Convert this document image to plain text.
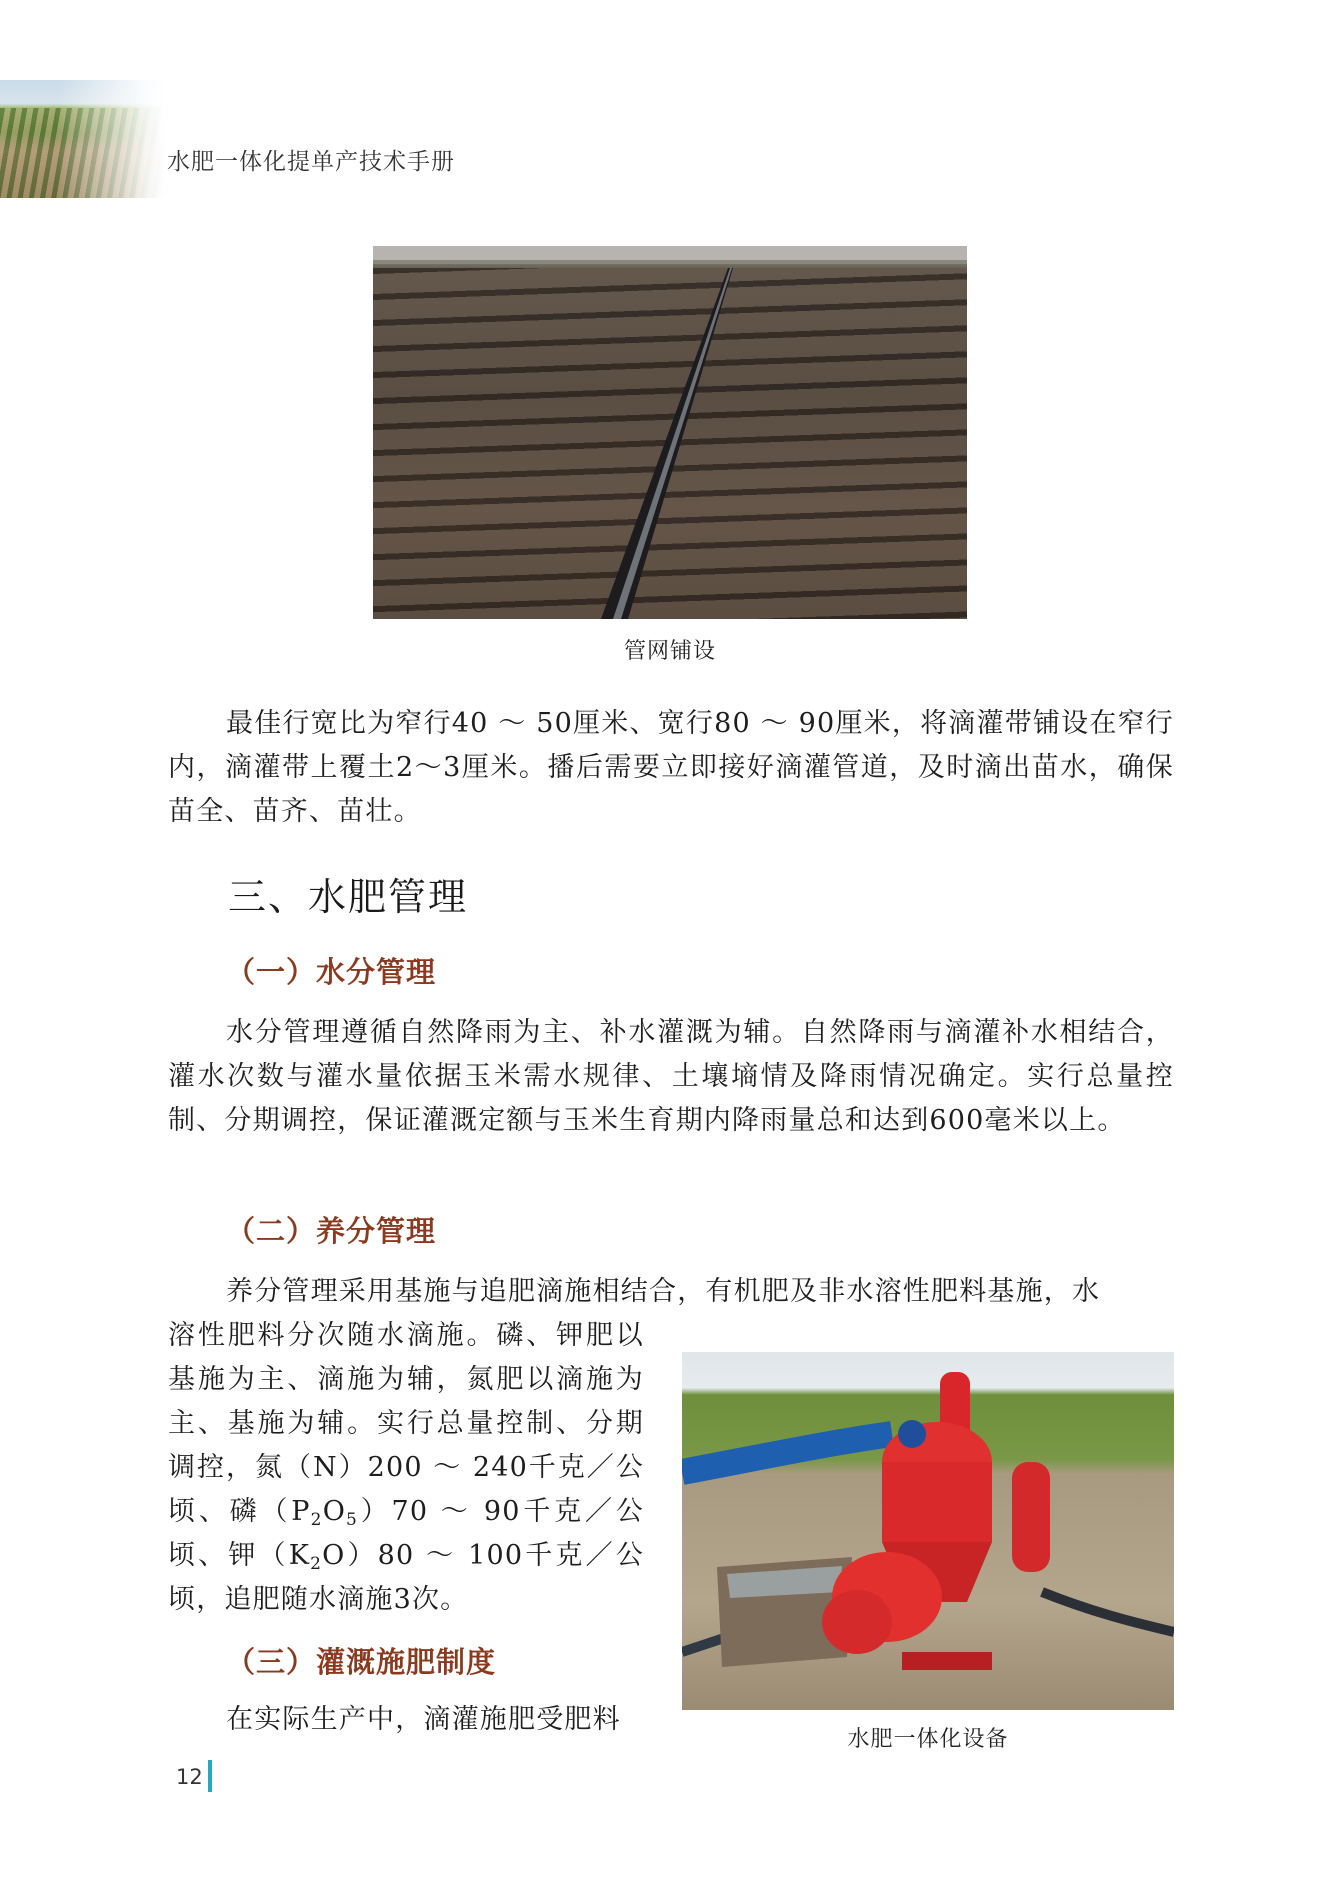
水肥一体化提单产技术手册
管网铺设

最佳行宽比为窄行40 ～ 50厘米、宽行80 ～ 90厘米，将滴灌带铺设在窄行内，滴灌带上覆土2～3厘米。播后需要立即接好滴灌管道，及时滴出苗水，确保苗全、苗齐、苗壮。

三、水肥管理
（一）水分管理

水分管理遵循自然降雨为主、补水灌溉为辅。自然降雨与滴灌补水相结合，灌水次数与灌水量依据玉米需水规律、土壤墒情及降雨情况确定。实行总量控制、分期调控，保证灌溉定额与玉米生育期内降雨量总和达到600毫米以上。

（二）养分管理

养分管理采用基施与追肥滴施相结合，有机肥及非水溶性肥料基施，水

溶性肥料分次随水滴施。磷、钾肥以基施为主、滴施为辅，氮肥以滴施为主、基施为辅。实行总量控制、分期调控，氮（N）200 ～ 240千克／公顷、磷$(P_2O_5)70$ ～ 90千克／公顷、钾$(K_2O)80$ ～ 100千克／公顷，追肥随水滴施3次。

（三）灌溉施肥制度

在实际生产中，滴灌施肥受肥料

水肥一体化设备
12
